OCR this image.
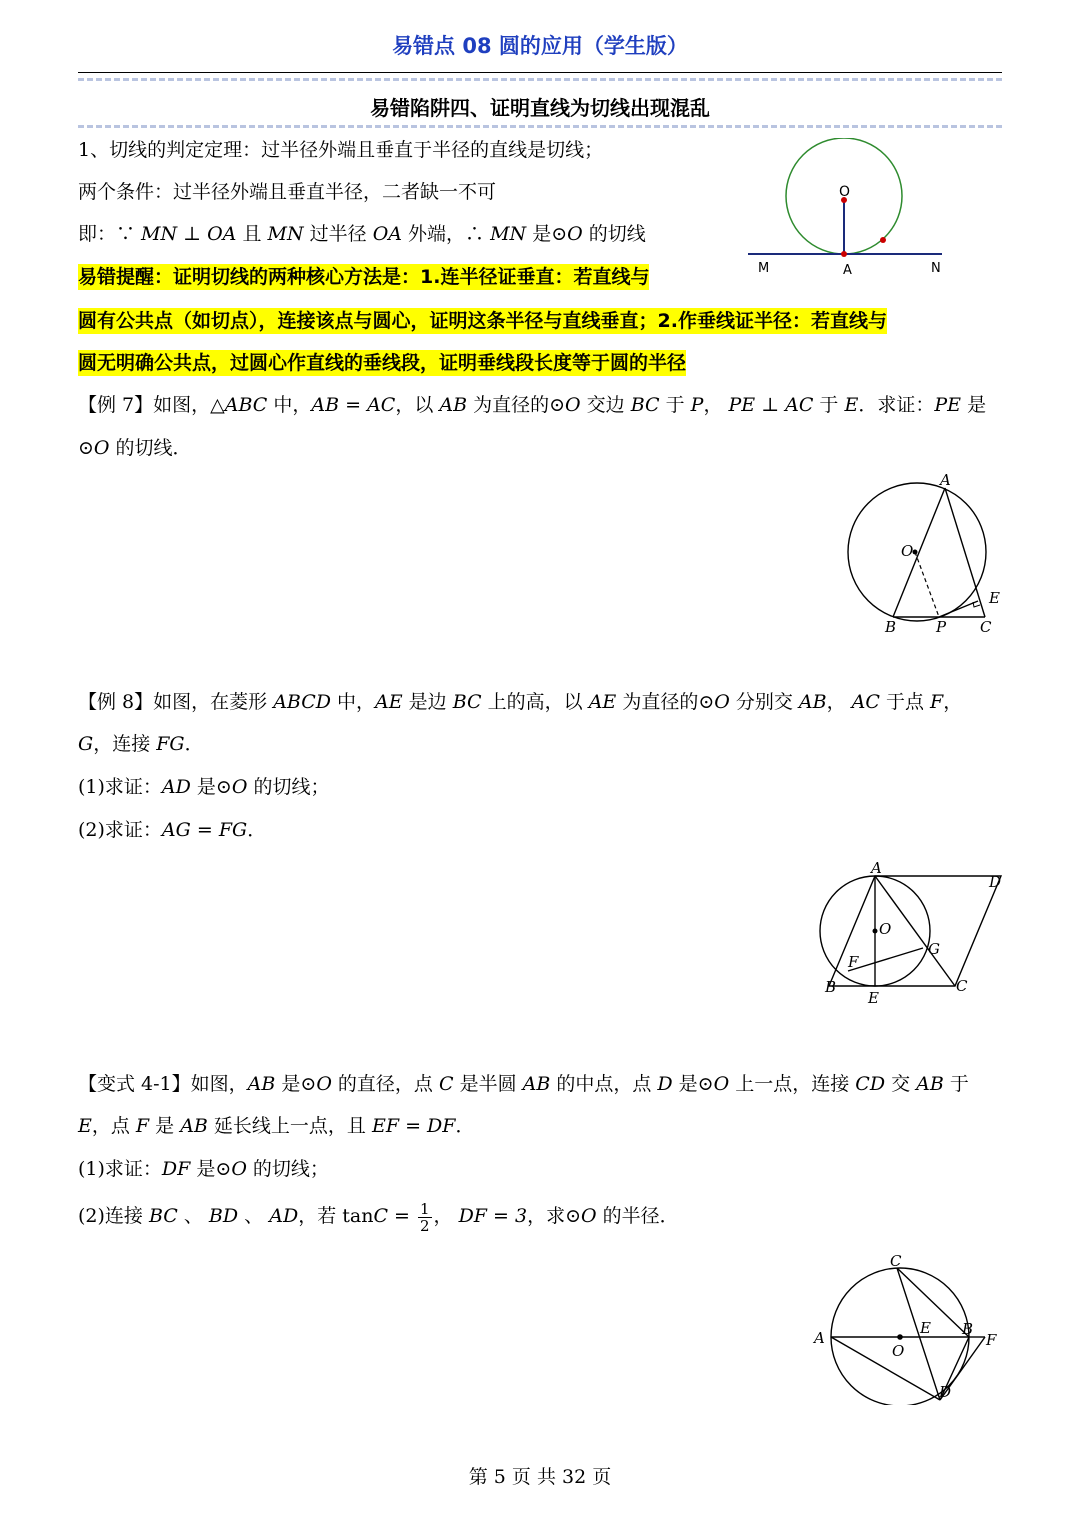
易错点 08 圆的应用（学生版）
易错陷阱四、证明直线为切线出现混乱
1、切线的判定定理：过半径外端且垂直于半径的直线是切线；
两个条件：过半径外端且垂直半径，二者缺一不可
即：∵ MN ⊥ OA 且 MN 过半径 OA 外端，∴ MN 是⊙O 的切线
易错提醒：证明切线的两种核心方法是：1.连半径证垂直：若直线与
圆有公共点（如切点），连接该点与圆心，证明这条半径与直线垂直；2.作垂线证半径：若直线与
圆无明确公共点，过圆心作直线的垂线段，证明垂线段长度等于圆的半径
O
M	A	N
【例 7】如图，△ABC 中，AB = AC，以 AB 为直径的⊙O 交边 BC 于 P， PE ⊥ AC 于 E．求证：PE 是
⊙O 的切线．
A
O
E
B	P C
【例 8】如图，在菱形 ABCD 中，AE 是边 BC 上的高，以 AE 为直径的⊙O 分别交 AB， AC 于点 F，
G，连接 FG．
(1)求证：AD 是⊙O 的切线；
(2)求证：AG = FG．
A
D
O
G
F
B
E
C
【变式 4-1】如图，AB 是⊙O 的直径，点 C 是半圆 AB 的中点，点 D 是⊙O 上一点，连接 CD 交 AB 于
E，点 F 是 AB 延长线上一点，且 EF = DF．
(1)求证：DF 是⊙O 的切线；
(2)连接 BC 、 BD 、 AD，若 $\tan C = \frac{1}{2}$ ， DF = 3，求⊙O 的半径．
C
A
E B
F
O
D
第 5 页 共 32 页
